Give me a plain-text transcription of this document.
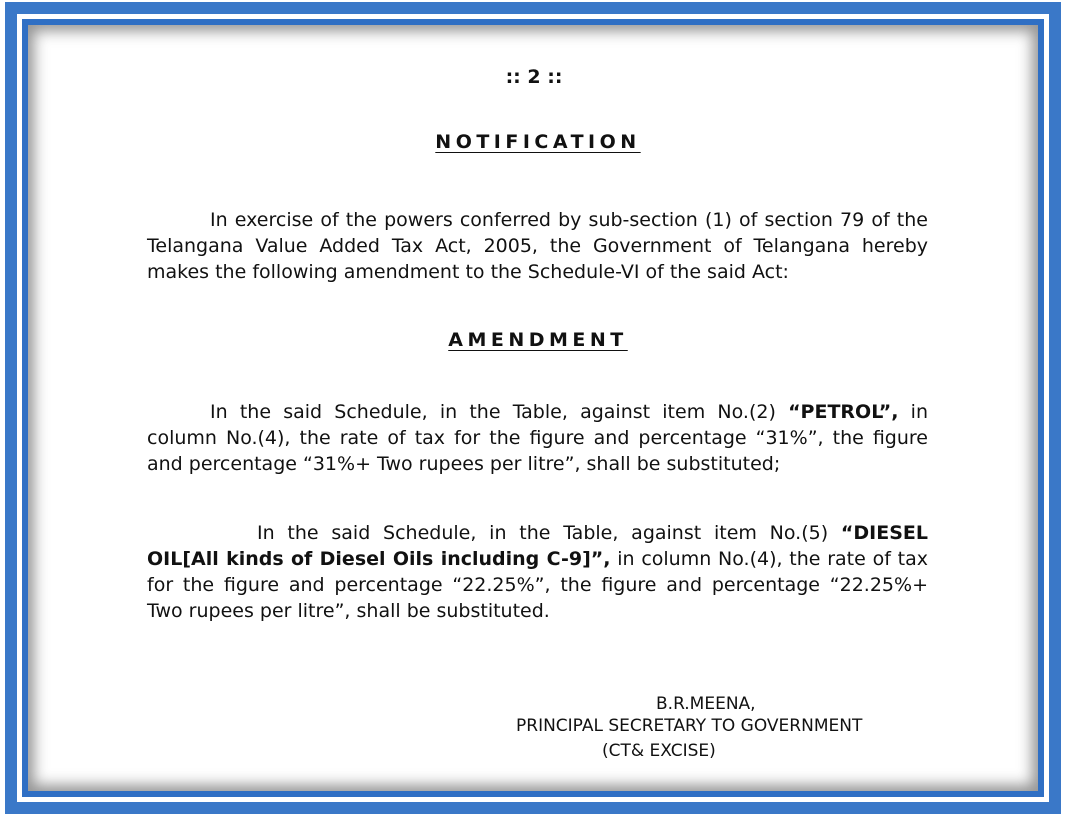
:: 2 ::
NOTIFICATION
In exercise of the powers conferred by sub-section (1) of section 79 of the Telangana Value Added Tax Act, 2005, the Government of Telangana hereby makes the following amendment to the Schedule-VI of the said Act:
AMENDMENT
In the said Schedule, in the Table, against item No.(2) “PETROL”, in column No.(4), the rate of tax for the figure and percentage “31%”, the figure and percentage “31%+ Two rupees per litre”, shall be substituted;
In the said Schedule, in the Table, against item No.(5) “DIESEL OIL[All kinds of Diesel Oils including C-9]”, in column No.(4), the rate of tax for the figure and percentage “22.25%”, the figure and percentage “22.25%+ Two rupees per litre”, shall be substituted.
B.R.MEENA,
PRINCIPAL SECRETARY TO GOVERNMENT
(CT& EXCISE)
